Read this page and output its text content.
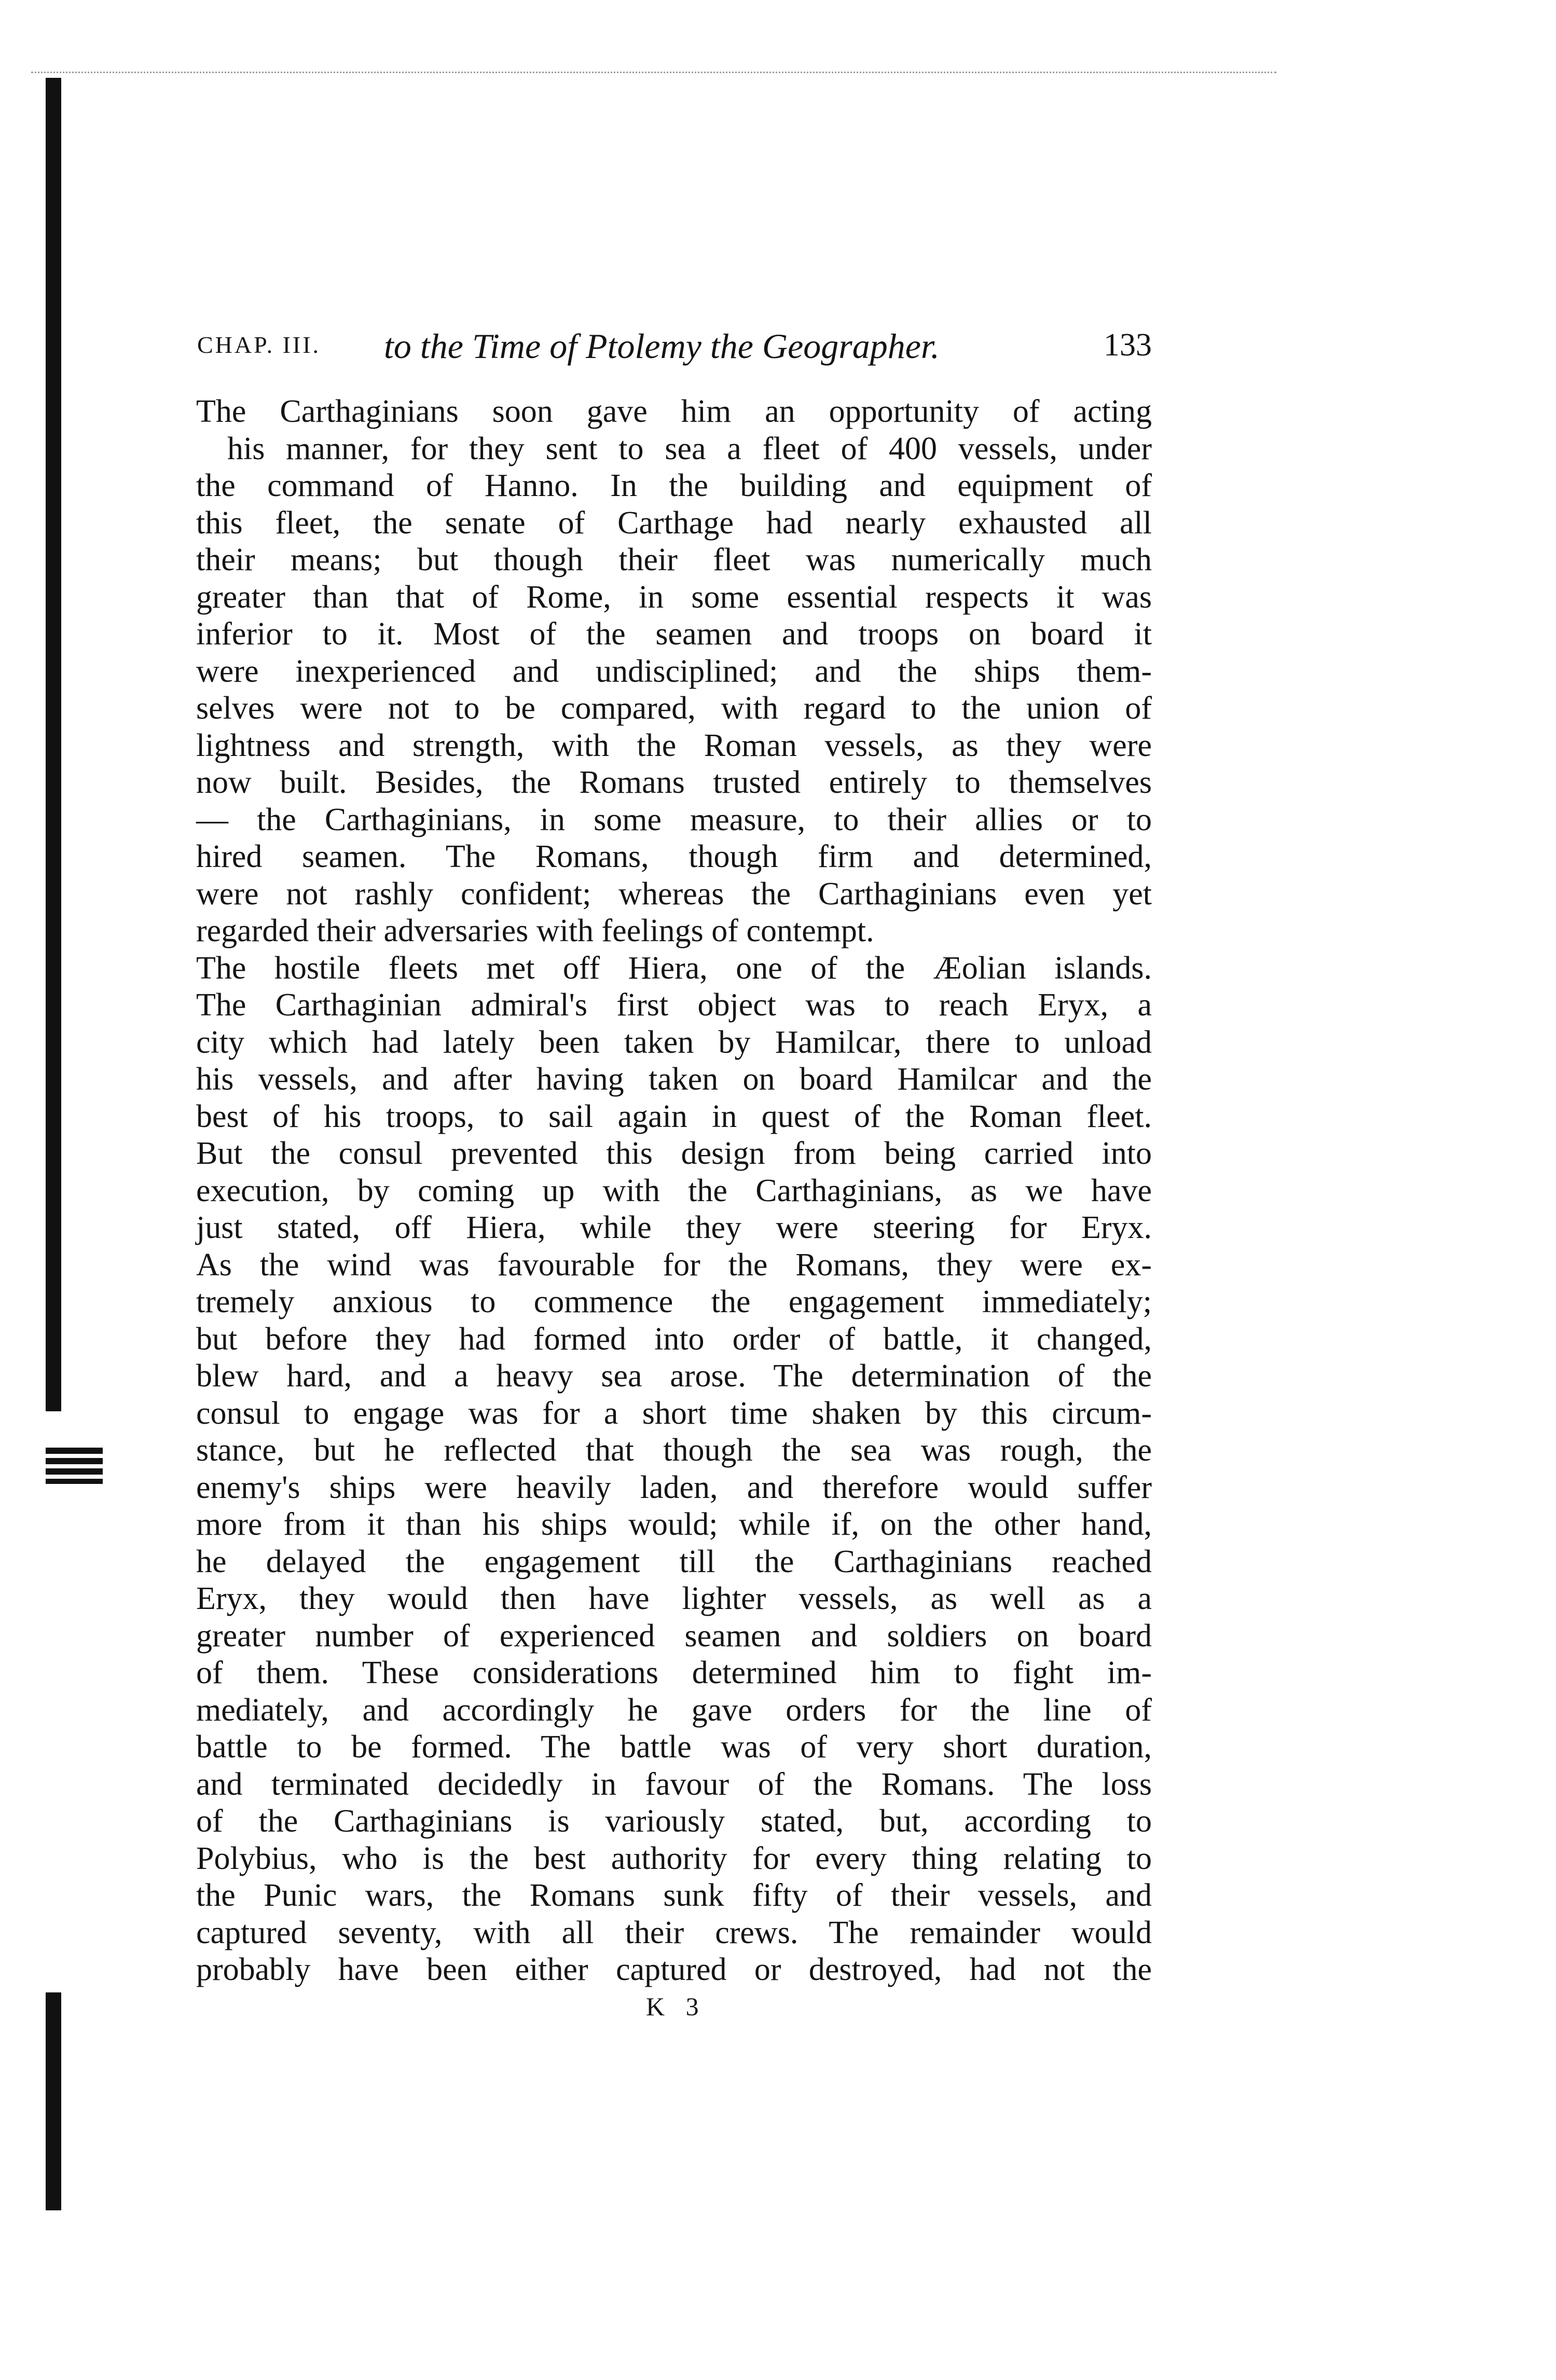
CHAP. III. to the Time of Ptolemy the Geographer.	133
The Carthaginians soon gave him an opportunity of acting
his manner, for they sent to sea a fleet of 400 vessels, under
the command of Hanno. In the building and equipment of
this fleet, the senate of Carthage had nearly exhausted all
their means; but though their fleet was numerically much
greater than that of Rome, in some essential respects it was
inferior to it. Most of the seamen and troops on board it
were inexperienced and undisciplined; and the ships them-
selves were not to be compared, with regard to the union of
lightness and strength, with the Roman vessels, as they were
now built. Besides, the Romans trusted entirely to themselves
— the Carthaginians, in some measure, to their allies or to
hired seamen. The Romans, though firm and determined,
were not rashly confident; whereas the Carthaginians even yet
regarded their adversaries with feelings of contempt.
The hostile fleets met off Hiera, one of the Æolian islands.
The Carthaginian admiral's first object was to reach Eryx, a
city which had lately been taken by Hamilcar, there to unload
his vessels, and after having taken on board Hamilcar and the
best of his troops, to sail again in quest of the Roman fleet.
But the consul prevented this design from being carried into
execution, by coming up with the Carthaginians, as we have
just stated, off Hiera, while they were steering for Eryx.
As the wind was favourable for the Romans, they were ex-
tremely anxious to commence the engagement immediately;
but before they had formed into order of battle, it changed,
blew hard, and a heavy sea arose. The determination of the
consul to engage was for a short time shaken by this circum-
stance, but he reflected that though the sea was rough, the
enemy's ships were heavily laden, and therefore would suffer
more from it than his ships would; while if, on the other hand,
he delayed the engagement till the Carthaginians reached
Eryx, they would then have lighter vessels, as well as a
greater number of experienced seamen and soldiers on board
of them. These considerations determined him to fight im-
mediately, and accordingly he gave orders for the line of
battle to be formed. The battle was of very short duration,
and terminated decidedly in favour of the Romans. The loss
of the Carthaginians is variously stated, but, according to
Polybius, who is the best authority for every thing relating to
the Punic wars, the Romans sunk fifty of their vessels, and
captured seventy, with all their crews. The remainder would
probably have been either captured or destroyed, had not the
K 3
